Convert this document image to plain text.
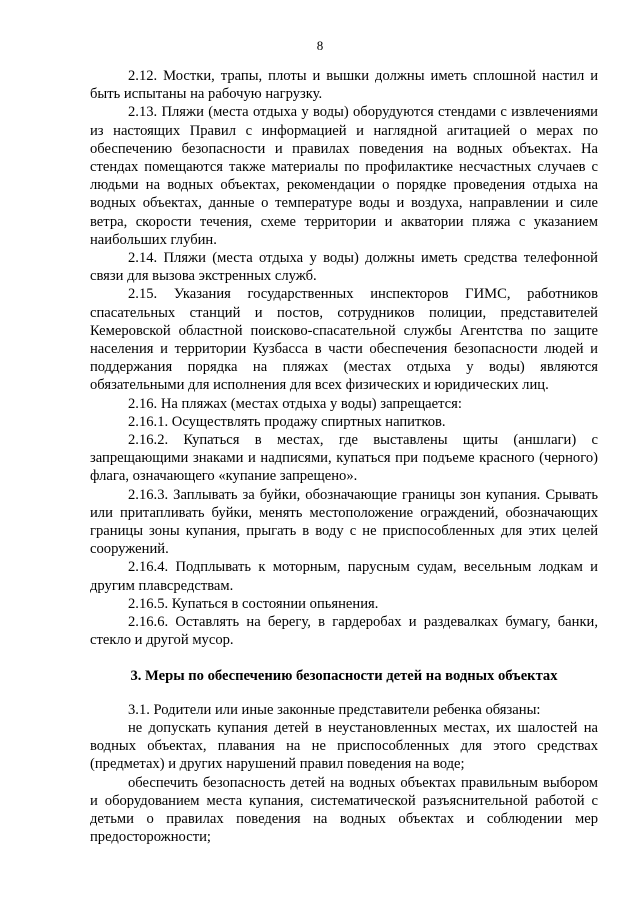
8

2.12. Мостки, трапы, плоты и вышки должны иметь сплошной настил и быть испытаны на рабочую нагрузку.

2.13. Пляжи (места отдыха у воды) оборудуются стендами с извлечениями из настоящих Правил с информацией и наглядной агитацией о мерах по обеспечению безопасности и правилах поведения на водных объектах. На стендах помещаются также материалы по профилактике несчастных случаев с людьми на водных объектах, рекомендации о порядке проведения отдыха на водных объектах, данные о температуре воды и воздуха, направлении и силе ветра, скорости течения, схеме территории и акватории пляжа с указанием наибольших глубин.

2.14. Пляжи (места отдыха у воды) должны иметь средства телефонной связи для вызова экстренных служб.

2.15. Указания государственных инспекторов ГИМС, работников спасательных станций и постов, сотрудников полиции, представителей Кемеровской областной поисково-спасательной службы Агентства по защите населения и территории Кузбасса в части обеспечения безопасности людей и поддержания порядка на пляжах (местах отдыха у воды) являются обязательными для исполнения для всех физических и юридических лиц.

2.16. На пляжах (местах отдыха у воды) запрещается:

2.16.1. Осуществлять продажу спиртных напитков.

2.16.2. Купаться в местах, где выставлены щиты (аншлаги) с запрещающими знаками и надписями, купаться при подъеме красного (черного) флага, означающего «купание запрещено».

2.16.3. Заплывать за буйки, обозначающие границы зон купания. Срывать или притапливать буйки, менять местоположение ограждений, обозначающих границы зоны купания, прыгать в воду с не приспособленных для этих целей сооружений.

2.16.4. Подплывать к моторным, парусным судам, весельным лодкам и другим плавсредствам.

2.16.5. Купаться в состоянии опьянения.

2.16.6. Оставлять на берегу, в гардеробах и раздевалках бумагу, банки, стекло и другой мусор.

3. Меры по обеспечению безопасности детей на водных объектах

3.1. Родители или иные законные представители ребенка обязаны:

не допускать купания детей в неустановленных местах, их шалостей на водных объектах, плавания на не приспособленных для этого средствах (предметах) и других нарушений правил поведения на воде;

обеспечить безопасность детей на водных объектах правильным выбором и оборудованием места купания, систематической разъяснительной работой с детьми о правилах поведения на водных объектах и соблюдении мер предосторожности;
